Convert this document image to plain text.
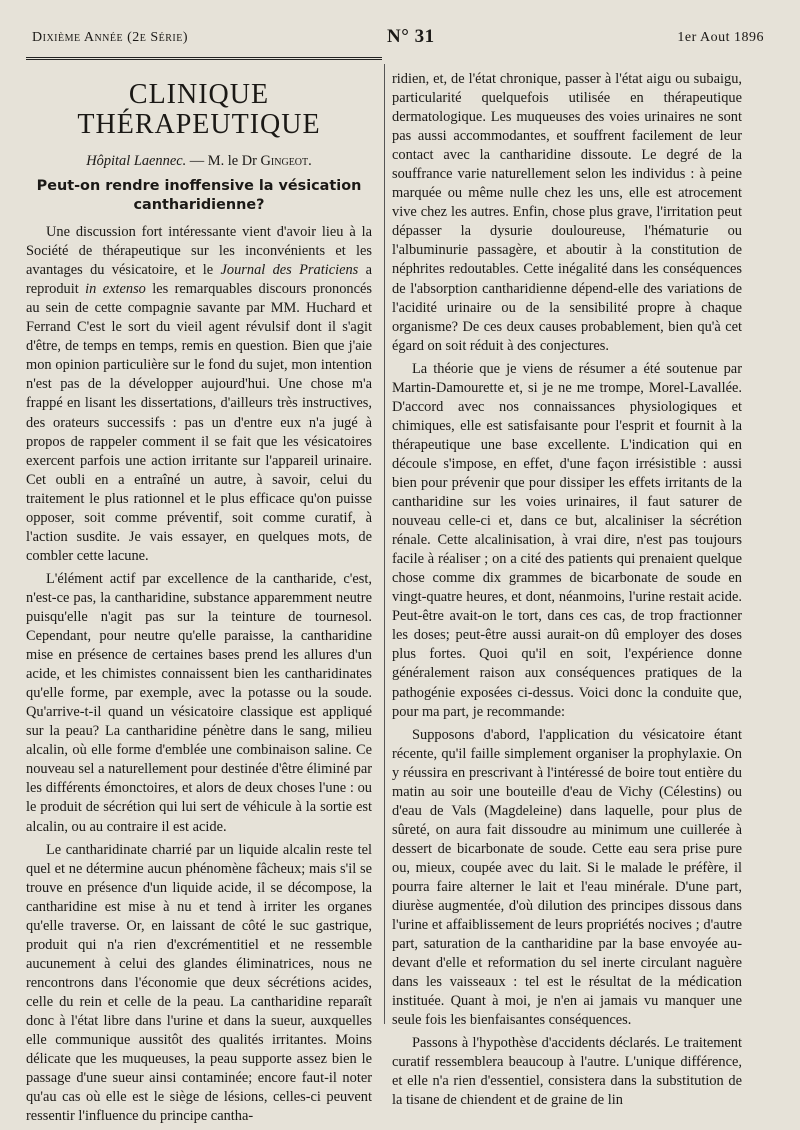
Dixième Année (2e Série)	N° 31	1er Aout 1896
CLINIQUE THÉRAPEUTIQUE
Hôpital Laennec. — M. le Dr Gingeot.
Peut-on rendre inoffensive la vésication
cantharidienne?

Une discussion fort intéressante vient d'avoir lieu à la Société de thérapeutique sur les inconvénients et les avantages du vésicatoire, et le Journal des Praticiens a reproduit in extenso les remarquables discours prononcés au sein de cette compagnie savante par MM. Huchard et Ferrand C'est le sort du vieil agent révulsif dont il s'agit d'être, de temps en temps, remis en question. Bien que j'aie mon opinion particulière sur le fond du sujet, mon intention n'est pas de la développer aujourd'hui. Une chose m'a frappé en lisant les dissertations, d'ailleurs très instructives, des orateurs successifs : pas un d'entre eux n'a jugé à propos de rappeler comment il se fait que les vésicatoires exercent parfois une action irritante sur l'appareil urinaire. Cet oubli en a entraîné un autre, à savoir, celui du traitement le plus rationnel et le plus efficace qu'on puisse opposer, soit comme préventif, soit comme curatif, à l'action susdite. Je vais essayer, en quelques mots, de combler cette lacune.

L'élément actif par excellence de la cantharide, c'est, n'est-ce pas, la cantharidine, substance apparemment neutre puisqu'elle n'agit pas sur la teinture de tournesol. Cependant, pour neutre qu'elle paraisse, la cantharidine mise en présence de certaines bases prend les allures d'un acide, et les chimistes connaissent bien les cantharidinates qu'elle forme, par exemple, avec la potasse ou la soude. Qu'arrive-t-il quand un vésicatoire classique est appliqué sur la peau? La cantharidine pénètre dans le sang, milieu alcalin, où elle forme d'emblée une combinaison saline. Ce nouveau sel a naturellement pour destinée d'être éliminé par les différents émonctoires, et alors de deux choses l'une : ou le produit de sécrétion qui lui sert de véhicule à la sortie est alcalin, ou au contraire il est acide.

Le cantharidinate charrié par un liquide alcalin reste tel quel et ne détermine aucun phénomène fâcheux; mais s'il se trouve en présence d'un liquide acide, il se décompose, la cantharidine est mise à nu et tend à irriter les organes qu'elle traverse. Or, en laissant de côté le suc gastrique, produit qui n'a rien d'excrémentitiel et ne ressemble aucunement à celui des glandes éliminatrices, nous ne rencontrons dans l'économie que deux sécrétions acides, celle du rein et celle de la peau. La cantharidine reparaît donc à l'état libre dans l'urine et dans la sueur, auxquelles elle communique aussitôt des qualités irritantes. Moins délicate que les muqueuses, la peau supporte assez bien le passage d'une sueur ainsi contaminée; encore faut-il noter qu'au cas où elle est le siège de lésions, celles-ci peuvent ressentir l'influence du principe cantha-

ridien, et, de l'état chronique, passer à l'état aigu ou subaigu, particularité quelquefois utilisée en thérapeutique dermatologique. Les muqueuses des voies urinaires ne sont pas aussi accommodantes, et souffrent facilement de leur contact avec la cantharidine dissoute. Le degré de la souffrance varie naturellement selon les individus : à peine marquée ou même nulle chez les uns, elle est atrocement vive chez les autres. Enfin, chose plus grave, l'irritation peut dépasser la dysurie douloureuse, l'hématurie ou l'albuminurie passagère, et aboutir à la constitution de néphrites redoutables. Cette inégalité dans les conséquences de l'absorption cantharidienne dépend-elle des variations de l'acidité urinaire ou de la sensibilité propre à chaque organisme? De ces deux causes probablement, bien qu'à cet égard on soit réduit à des conjectures.

La théorie que je viens de résumer a été soutenue par Martin-Damourette et, si je ne me trompe, Morel-Lavallée. D'accord avec nos connaissances physiologiques et chimiques, elle est satisfaisante pour l'esprit et fournit à la thérapeutique une base excellente. L'indication qui en découle s'impose, en effet, d'une façon irrésistible : aussi bien pour prévenir que pour dissiper les effets irritants de la cantharidine sur les voies urinaires, il faut saturer de nouveau celle-ci et, dans ce but, alcaliniser la sécrétion rénale. Cette alcalinisation, à vrai dire, n'est pas toujours facile à réaliser ; on a cité des patients qui prenaient quelque chose comme dix grammes de bicarbonate de soude en vingt-quatre heures, et dont, néanmoins, l'urine restait acide. Peut-être avait-on le tort, dans ces cas, de trop fractionner les doses; peut-être aussi aurait-on dû employer des doses plus fortes. Quoi qu'il en soit, l'expérience donne généralement raison aux conséquences pratiques de la pathogénie exposées ci-dessus. Voici donc la conduite que, pour ma part, je recommande:

Supposons d'abord, l'application du vésicatoire étant récente, qu'il faille simplement organiser la prophylaxie. On y réussira en prescrivant à l'intéressé de boire tout entière du matin au soir une bouteille d'eau de Vichy (Célestins) ou d'eau de Vals (Magdeleine) dans laquelle, pour plus de sûreté, on aura fait dissoudre au minimum une cuillerée à dessert de bicarbonate de soude. Cette eau sera prise pure ou, mieux, coupée avec du lait. Si le malade le préfère, il pourra faire alterner le lait et l'eau minérale. D'une part, diurèse augmentée, d'où dilution des principes dissous dans l'urine et affaiblissement de leurs propriétés nocives ; d'autre part, saturation de la cantharidine par la base envoyée au-devant d'elle et reformation du sel inerte circulant naguère dans les vaisseaux : tel est le résultat de la médication instituée. Quant à moi, je n'en ai jamais vu manquer une seule fois les bienfaisantes conséquences.

Passons à l'hypothèse d'accidents déclarés. Le traitement curatif ressemblera beaucoup à l'autre. L'unique différence, et elle n'a rien d'essentiel, consistera dans la substitution de la tisane de chiendent et de graine de lin
